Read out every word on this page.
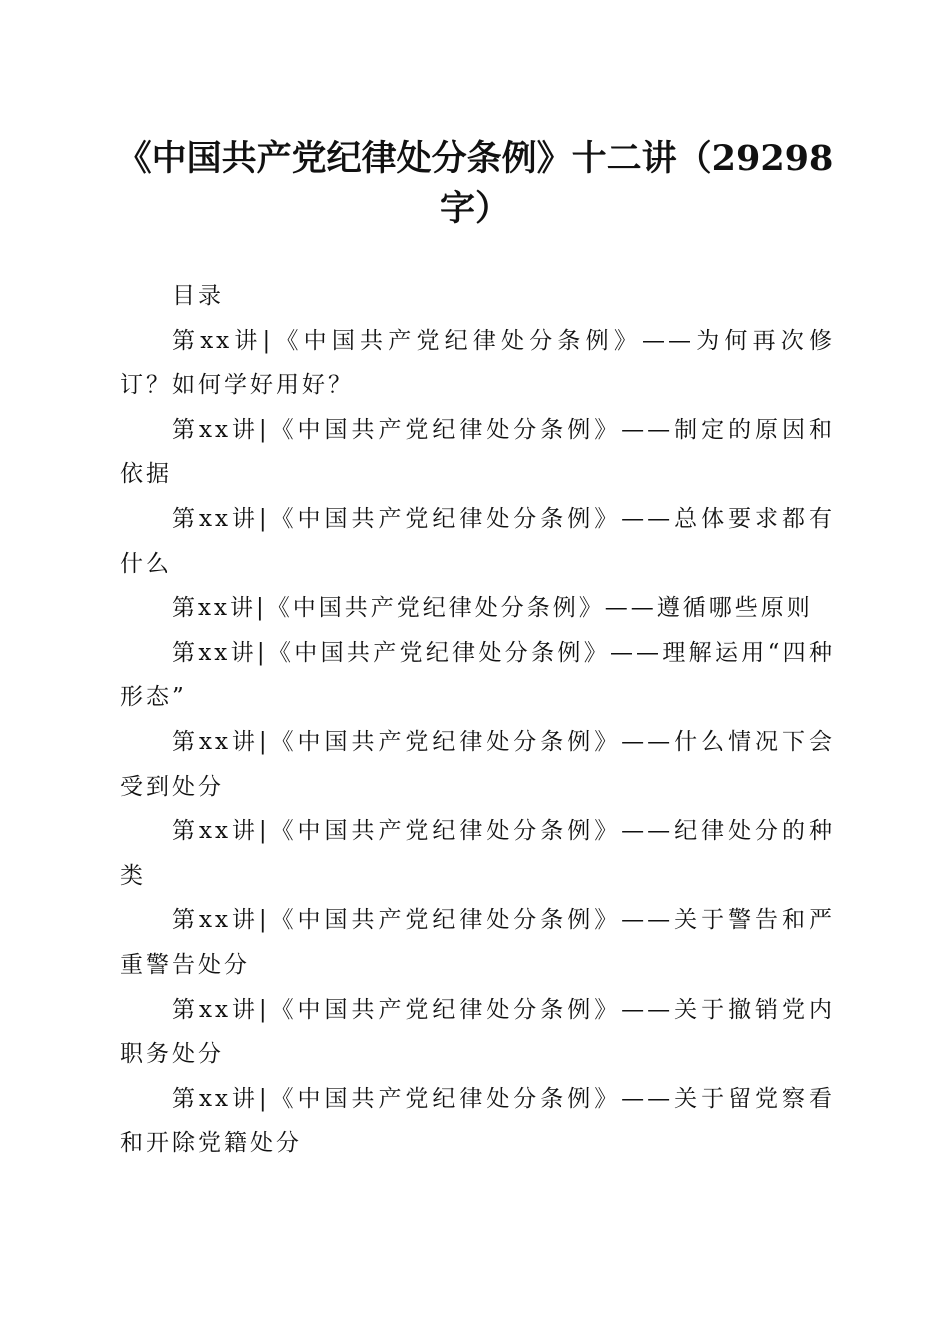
《中国共产党纪律处分条例》十二讲（29298字）

目录

第xx讲|《中国共产党纪律处分条例》——为何再次修订？如何学好用好？

第xx讲|《中国共产党纪律处分条例》——制定的原因和依据

第xx讲|《中国共产党纪律处分条例》——总体要求都有什么

第xx讲|《中国共产党纪律处分条例》——遵循哪些原则

第xx讲|《中国共产党纪律处分条例》——理解运用“四种形态”

第xx讲|《中国共产党纪律处分条例》——什么情况下会受到处分

第xx讲|《中国共产党纪律处分条例》——纪律处分的种类

第xx讲|《中国共产党纪律处分条例》——关于警告和严重警告处分

第xx讲|《中国共产党纪律处分条例》——关于撤销党内职务处分

第xx讲|《中国共产党纪律处分条例》——关于留党察看和开除党籍处分
